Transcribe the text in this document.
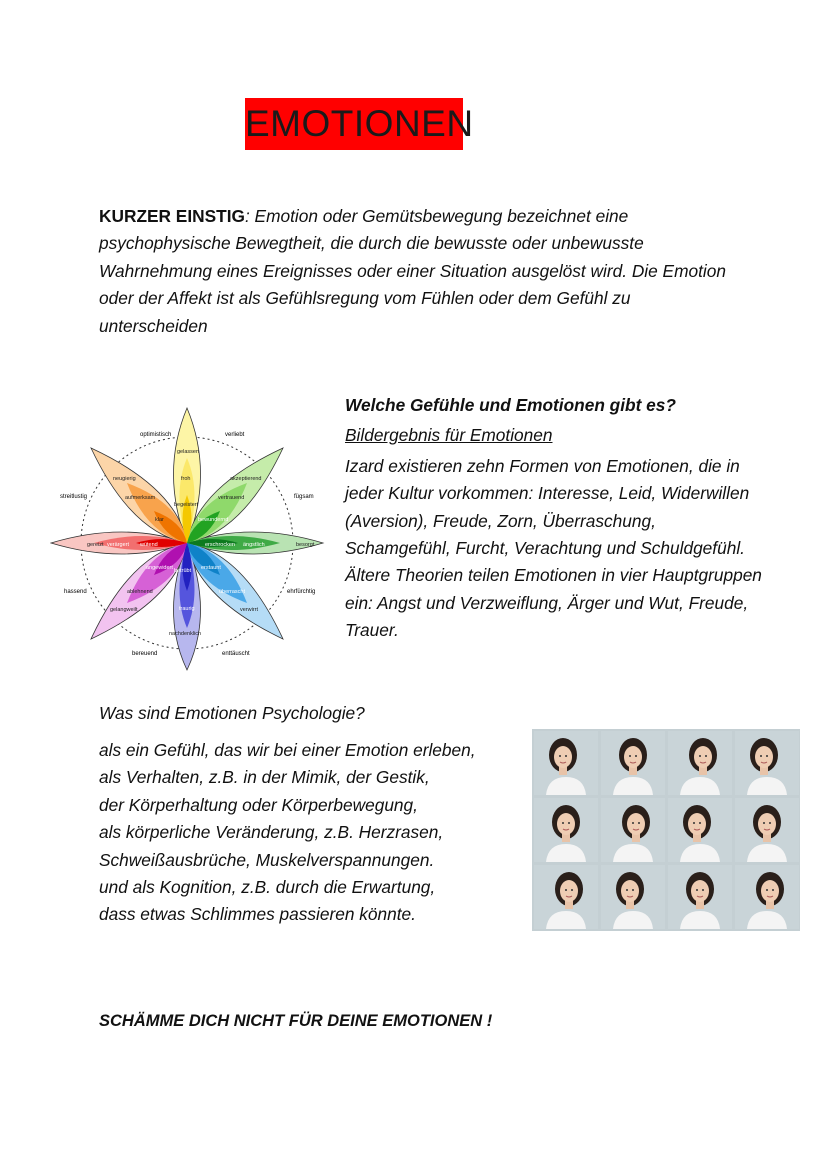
EMOTIONEN

KURZER EINSTIG: Emotion oder Gemütsbewegung bezeichnet eine psychophysische Bewegtheit, die durch die bewusste oder unbewusste Wahrnehmung eines Ereignisses oder einer Situation ausgelöst wird. Die Emotion oder der Affekt ist als Gefühlsregung vom Fühlen oder dem Gefühl zu unterscheiden

optimistisch	verliebt
fügsam
ehrfürchtig
enttäuscht
bereuend
hassend
streitlustig
gelassen
froh
begeistert
akzeptierend
vertrauend
bewundernd
besorgt
ängstlich
erschrocken
überrascht
erstaunt
verwirrt
nachdenklich
traurig
betrübt
gelangweilt
ablehnend
angewidert
gereizt verärgert wütend
neugierig
aufmerksam
klar

Welche Gefühle und Emotionen gibt es?

Bildergebnis für Emotionen

Izard existieren zehn Formen von Emotionen, die in jeder Kultur vorkommen: Interesse, Leid, Widerwillen (Aversion), Freude, Zorn, Überraschung, Schamgefühl, Furcht, Verachtung und Schuldgefühl. Ältere Theorien teilen Emotionen in vier Hauptgruppen ein: Angst und Verzweiflung, Ärger und Wut, Freude, Trauer.

Was sind Emotionen Psychologie?
als ein Gefühl, das wir bei einer Emotion erleben,
als Verhalten, z.B. in der Mimik, der Gestik,
der Körperhaltung oder Körperbewegung,
als körperliche Veränderung, z.B. Herzrasen,
Schweißausbrüche, Muskelverspannungen.
und als Kognition, z.B. durch die Erwartung,
dass etwas Schlimmes passieren könnte.
SCHÄMME DICH NICHT FÜR DEINE EMOTIONEN !
